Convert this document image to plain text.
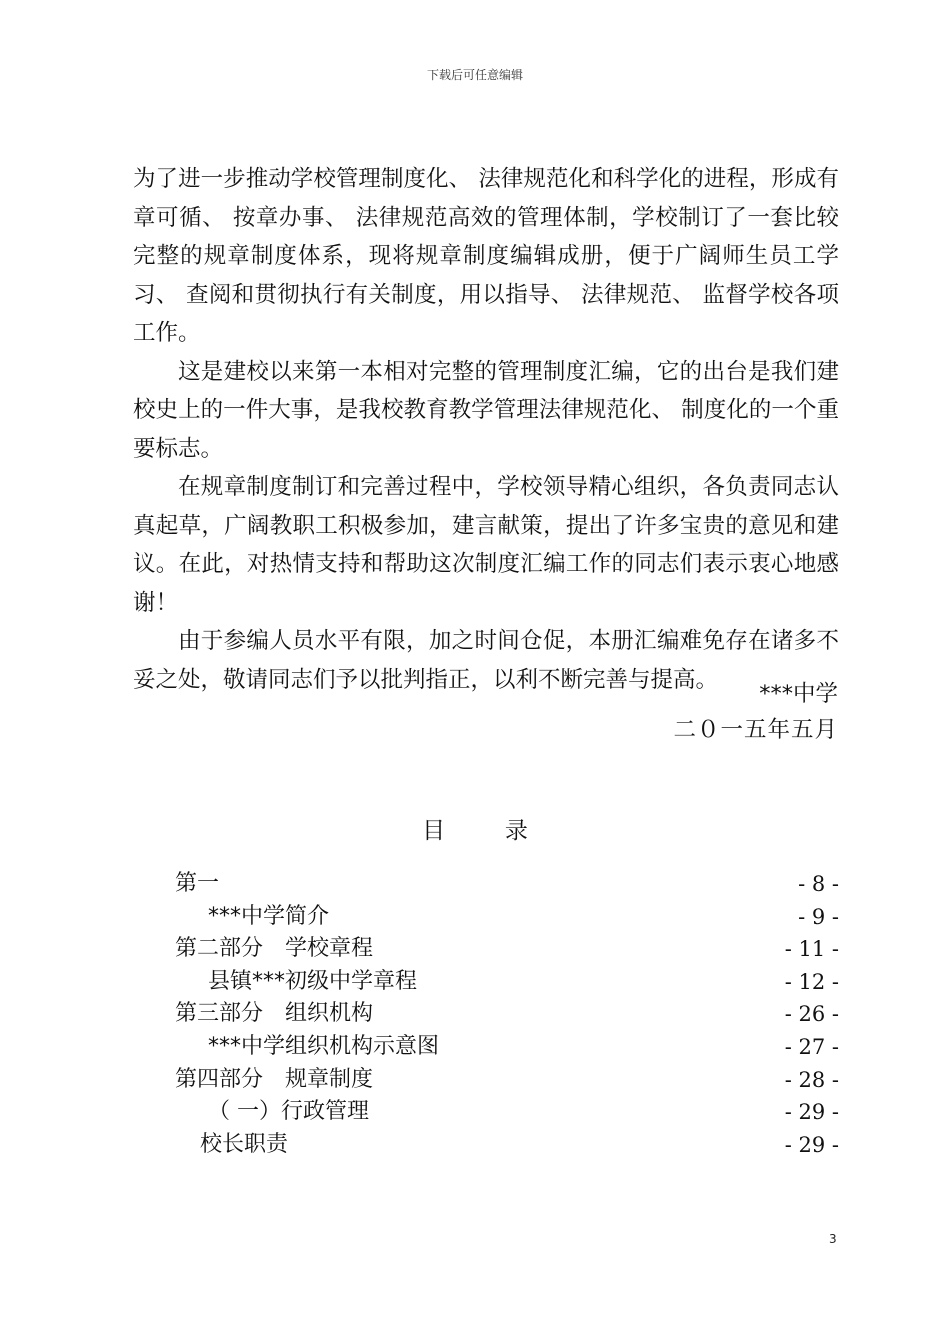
下载后可任意编辑

为了进一步推动学校管理制度化、 法律规范化和科学化的进程，形成有章可循、 按章办事、 法律规范高效的管理体制，学校制订了一套比较完整的规章制度体系，现将规章制度编辑成册，便于广阔师生员工学习、 查阅和贯彻执行有关制度，用以指导、 法律规范、 监督学校各项工作。

这是建校以来第一本相对完整的管理制度汇编，它的出台是我们建校史上的一件大事，是我校教育教学管理法律规范化、 制度化的一个重要标志。

在规章制度制订和完善过程中，学校领导精心组织，各负责同志认真起草，广阔教职工积极参加，建言献策，提出了许多宝贵的意见和建议。在此，对热情支持和帮助这次制度汇编工作的同志们表示衷心地感谢！

由于参编人员水平有限，加之时间仓促，本册汇编难免存在诸多不妥之处，敬请同志们予以批判指正，以利不断完善与提高。

***中学
二０一五年五月
目录
第一	- 8 -
***中学简介	- 9 -
第二部分　学校章程	- 11 -
县镇***初级中学章程	- 12 -
第三部分　组织机构	- 26 -
***中学组织机构示意图	- 27 -
第四部分　规章制度	- 28 -
（ 一）行政管理	- 29 -
校长职责	- 29 -
3
